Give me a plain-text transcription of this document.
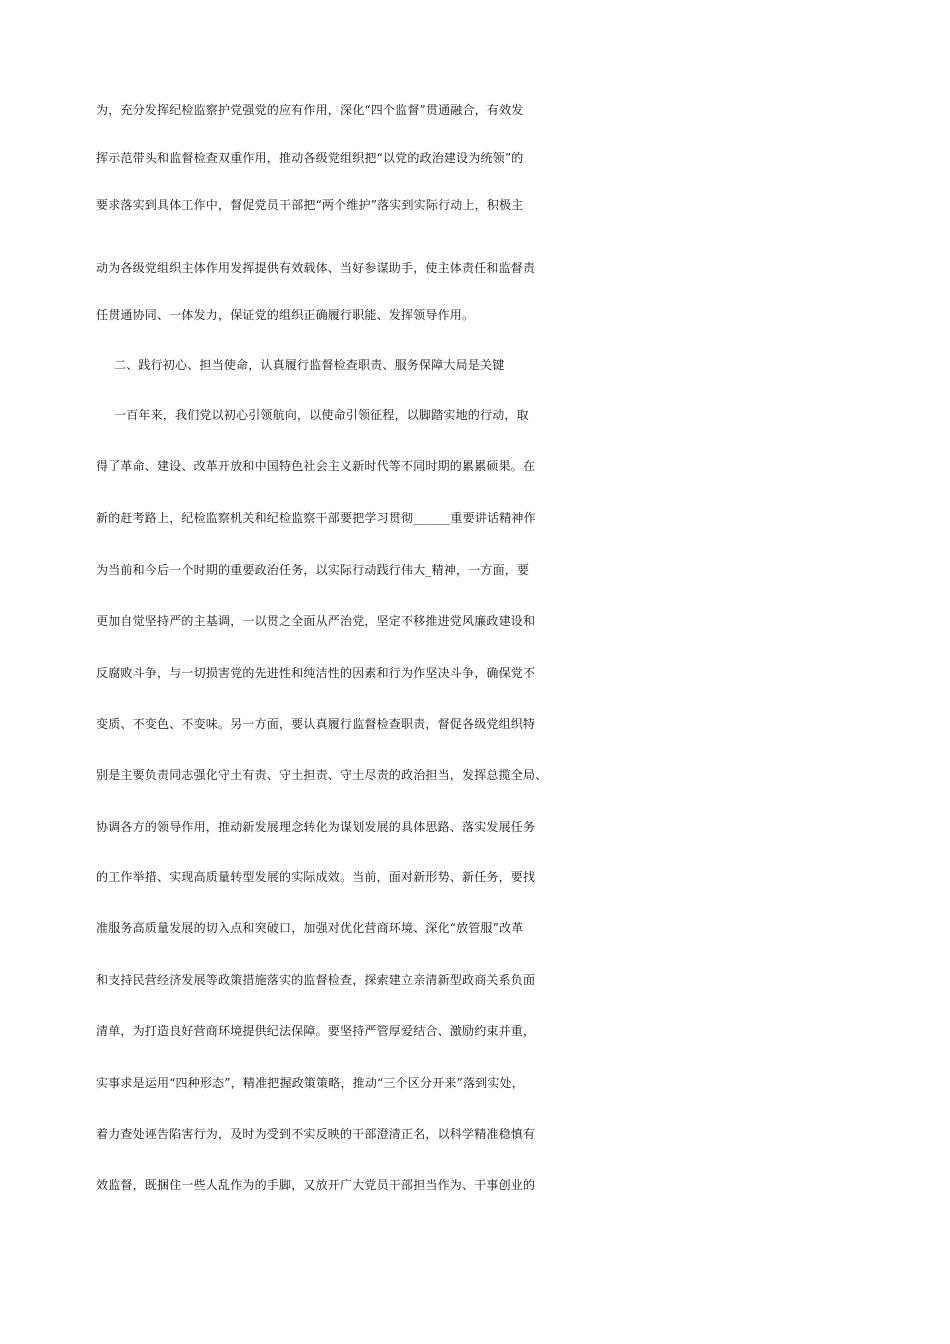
为，充分发挥纪检监察护党强党的应有作用，深化“四个监督”贯通融合，有效发
挥示范带头和监督检查双重作用，推动各级党组织把“以党的政治建设为统领”的
要求落实到具体工作中，督促党员干部把“两个维护”落实到实际行动上，积极主
动为各级党组织主体作用发挥提供有效载体、当好参谋助手，使主体责任和监督责
任贯通协同、一体发力，保证党的组织正确履行职能、发挥领导作用。
二、践行初心、担当使命，认真履行监督检查职责、服务保障大局是关键
一百年来，我们党以初心引领航向，以使命引领征程，以脚踏实地的行动，取
得了革命、建设、改革开放和中国特色社会主义新时代等不同时期的累累硕果。在
新的赶考路上，纪检监察机关和纪检监察干部要把学习贯彻______重要讲话精神作
为当前和今后一个时期的重要政治任务，以实际行动践行伟大_精神，一方面，要
更加自觉坚持严的主基调，一以贯之全面从严治党，坚定不移推进党风廉政建设和
反腐败斗争，与一切损害党的先进性和纯洁性的因素和行为作坚决斗争，确保党不
变质、不变色、不变味。另一方面，要认真履行监督检查职责，督促各级党组织特
别是主要负责同志强化守土有责、守土担责、守土尽责的政治担当，发挥总揽全局、
协调各方的领导作用，推动新发展理念转化为谋划发展的具体思路、落实发展任务
的工作举措、实现高质量转型发展的实际成效。当前，面对新形势、新任务，要找
准服务高质量发展的切入点和突破口，加强对优化营商环境、深化“放管服”改革
和支持民营经济发展等政策措施落实的监督检查，探索建立亲清新型政商关系负面
清单，为打造良好营商环境提供纪法保障。要坚持严管厚爱结合、激励约束并重，
实事求是运用“四种形态”，精准把握政策策略，推动“三个区分开来”落到实处，
着力查处诬告陷害行为，及时为受到不实反映的干部澄清正名，以科学精准稳慎有
效监督，既捆住一些人乱作为的手脚，又放开广大党员干部担当作为、干事创业的
